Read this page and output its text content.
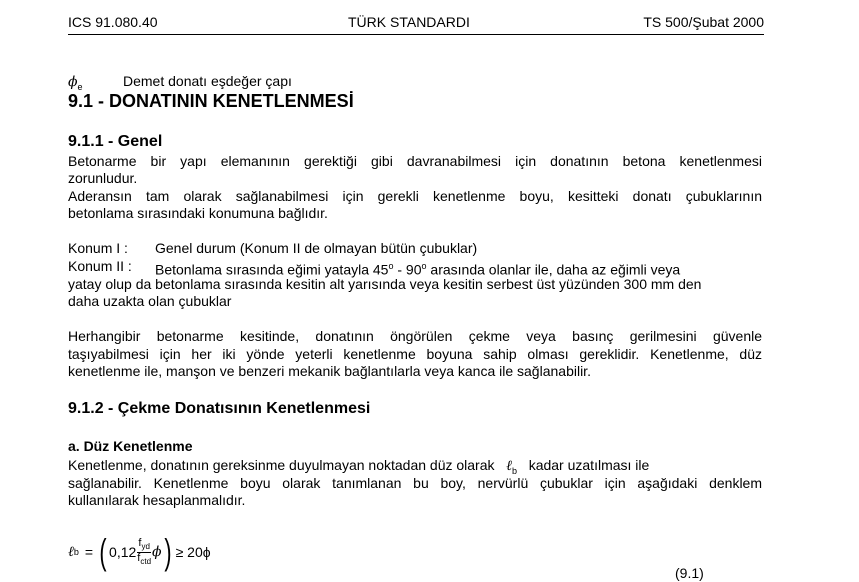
ICS 91.080.40	TÜRK STANDARDI	TS 500/Şubat 2000
$\phi_e$	Demet donatı eşdeğer çapı
9.1 - DONATININ KENETLENMESİ
9.1.1 - Genel
Betonarme bir yapı elemanının gerektiği gibi davranabilmesi için donatının betona kenetlenmesi
zorunludur.
Aderansın tam olarak sağlanabilmesi için gerekli kenetlenme boyu, kesitteki donatı çubuklarının
betonlama sırasındaki konumuna bağlıdır.
Konum I : Genel durum (Konum II de olmayan bütün çubuklar)
Konum II : Betonlama sırasında eğimi yatayla 45$^o$ - 90$^o$ arasında olanlar ile, daha az eğimli veya
yatay olup da betonlama sırasında kesitin alt yarısında veya kesitin serbest üst yüzünden 300 mm den
daha uzakta olan çubuklar
Herhangibir betonarme kesitinde, donatının öngörülen çekme veya basınç gerilmesini güvenle
taşıyabilmesi için her iki yönde yeterli kenetlenme boyuna sahip olması gereklidir. Kenetlenme, düz
kenetlenme ile, manşon ve benzeri mekanik bağlantılarla veya kanca ile sağlanabilir.
9.1.2 - Çekme Donatısının Kenetlenmesi
a. Düz Kenetlenme
Kenetlenme, donatının gereksinme duyulmayan noktadan düz olarak ℓ$_b$ kadar uzatılması ile
sağlanabilir. Kenetlenme boyu olarak tanımlanan bu boy, nervürlü çubuklar için aşağıdaki denklem
kullanılarak hesaplanmalıdır.
ℓ b = ( $0,12 \frac{f_{yd}}{f_{ctd}}$ ϕ ) ≥ 20ϕ
(9.1)
